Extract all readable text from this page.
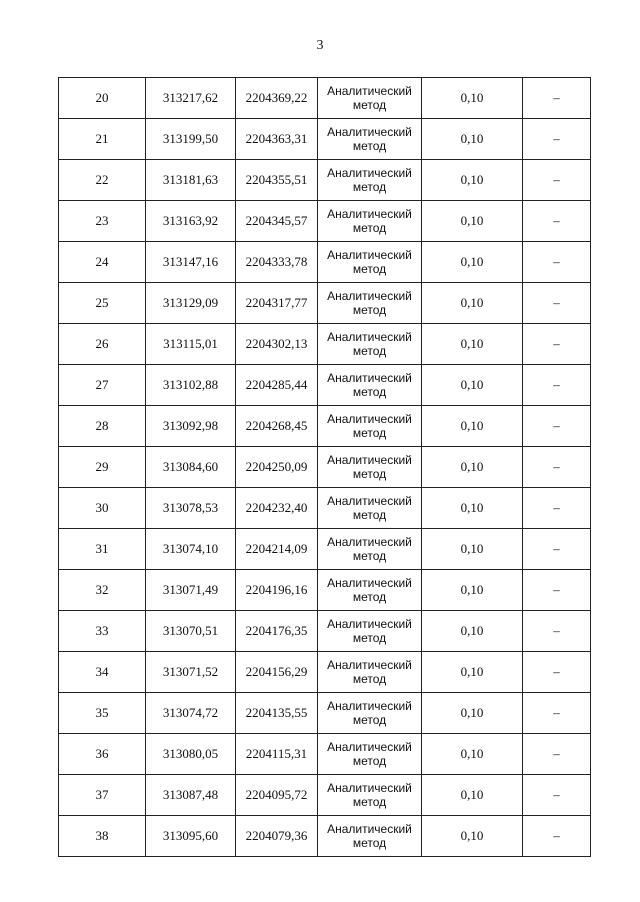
3
20	313217,62	2204369,22	Аналитический
метод	0,10	–
21	313199,50	2204363,31	Аналитический
метод	0,10	–
22	313181,63	2204355,51	Аналитический
метод	0,10	–
23	313163,92	2204345,57	Аналитический
метод	0,10	–
24	313147,16	2204333,78	Аналитический
метод	0,10	–
25	313129,09	2204317,77	Аналитический
метод	0,10	–
26	313115,01	2204302,13	Аналитический
метод	0,10	–
27	313102,88	2204285,44	Аналитический
метод	0,10	–
28	313092,98	2204268,45	Аналитический
метод	0,10	–
29	313084,60	2204250,09	Аналитический
метод	0,10	–
30	313078,53	2204232,40	Аналитический
метод	0,10	–
31	313074,10	2204214,09	Аналитический
метод	0,10	–
32	313071,49	2204196,16	Аналитический
метод	0,10	–
33	313070,51	2204176,35	Аналитический
метод	0,10	–
34	313071,52	2204156,29	Аналитический
метод	0,10	–
35	313074,72	2204135,55	Аналитический
метод	0,10	–
36	313080,05	2204115,31	Аналитический
метод	0,10	–
37	313087,48	2204095,72	Аналитический
метод	0,10	–
38	313095,60	2204079,36	Аналитический
метод	0,10	–
